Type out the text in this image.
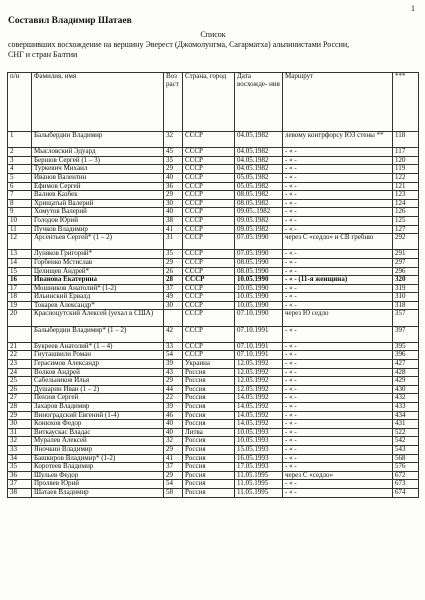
1
Составил Владимир Шатаев
Список
совершивших восхождение на вершину Эверест (Джомолунгма, Сагарматха) альпинистами России,
СНГ и стран Балтии
п/н	Фамилия, имя	Воз раст	Страна, город	Дата восхожде- ния	Маршрут	***
1	Балыбердин Владимир	32	СССР	04.05.1982	левому контрфорсу ЮЗ стены **	118
2	Мысловский Эдуард	45	СССР	04.05.1982	- « -	117
3	Бершов Сергей (1 – 3)	35	СССР	04.05.1982	- « -	120
4	Туркевич Михаил	29	СССР	04.05.1982	- « -	119
5	Иванов Валентин	40	СССР	05.05.1982	- « -	122
6	Ефимов Сергей	36	СССР	05.05.1982	- « -	121
7	Валиев Казбек	29	СССР	08.05.1982	- « -	123
8	Хрищатый Валерий	30	СССР	08.05.1982	- « -	124
9	Хомутов Валерий	40	СССР	09.05..1982	- « -	126
10	Голодов Юрий	38	СССР	09.05.1982	- « -	125
11	Пучков Владимир	41	СССР	09.05.1982	- « -	127
12	Арсентьев Сергей* (1 – 2)	31	СССР	07.05.1990	через С «седло» и СВ гребню	292
13	Луняков Григорий*	35	СССР	07.05.1990	- « -	291
14	Горбенко Мстислав	29	СССР	08.05.1990	- « -	297
15	Целищев Андрей*	26	СССР	08.05.1990	- « -	296
16	Иванова Екатерина	28	СССР	10.05.1990	- « - (11-я женщина)	320
17	Мошников Анатолий* (1-2)	37	СССР	10.05.1990	- « -	319
18	Ильинский Ервалд	49	СССР	10.05.1990	- « -	310
19	Токарев Александр*	30	СССР	10.05.1990	- « -	318
20	Красноцутский Алексей (уехал в США)		СССР	07.10.1990	через Ю седло	357
	Балыбердин Владимир* (1 – 2)	42	СССР	07.10.1991	- « -	397
21	Букреев Анатолий* (1 – 4)	33	СССР	07.10.1991	- « -	395
22	Гиуташвили Роман	54	СССР	07.10.1991	- « -	396
23	Герасимов Александр	39	Украина	12.05.1992	- « -	427
24	Волков Андрей	43	Россия	12.05.1992	- « -	428
25	Сабельников Илья	29	Россия	12.05.1992	- « -	429
26	Душарин Иван (1 – 2)	44	Россия	12.05.1992	- « -	430
27	Пензов Сергей	22	Россия	14.05.1992	- « -	432
28	Захаров Владимир	39	Россия	14.05.1992	- « -	433
29	Виноградский Евгений (1-4)	46	Россия	14.05.1992	- « -	434
30	Конюхов Федор	40	Россия	14.05.1992	- « -	431
31	Виткаускас Владас	40	Литва	10.05.1993	- « -	522
32	Муралев Алексей	32	Россия	10.05.1993	- « -	542
33	Яночкин Владимир	29	Россия	15.05.1993	- « -	543
34	Башкиров Владимир* (1-2)	41	Россия	16.05.1993	- « -	568
35	Коротеев Владимир	37	Россия	17.05.1993	- « -	576
36	Шульев Федор	29	Россия	11.05.1995	через С «седло»	672
37	Проляев Юрий	54	Россия	11.05.1995	- « -	673
38	Шатаев Владимир	58	Россия	11.05.1995	- « -	674
